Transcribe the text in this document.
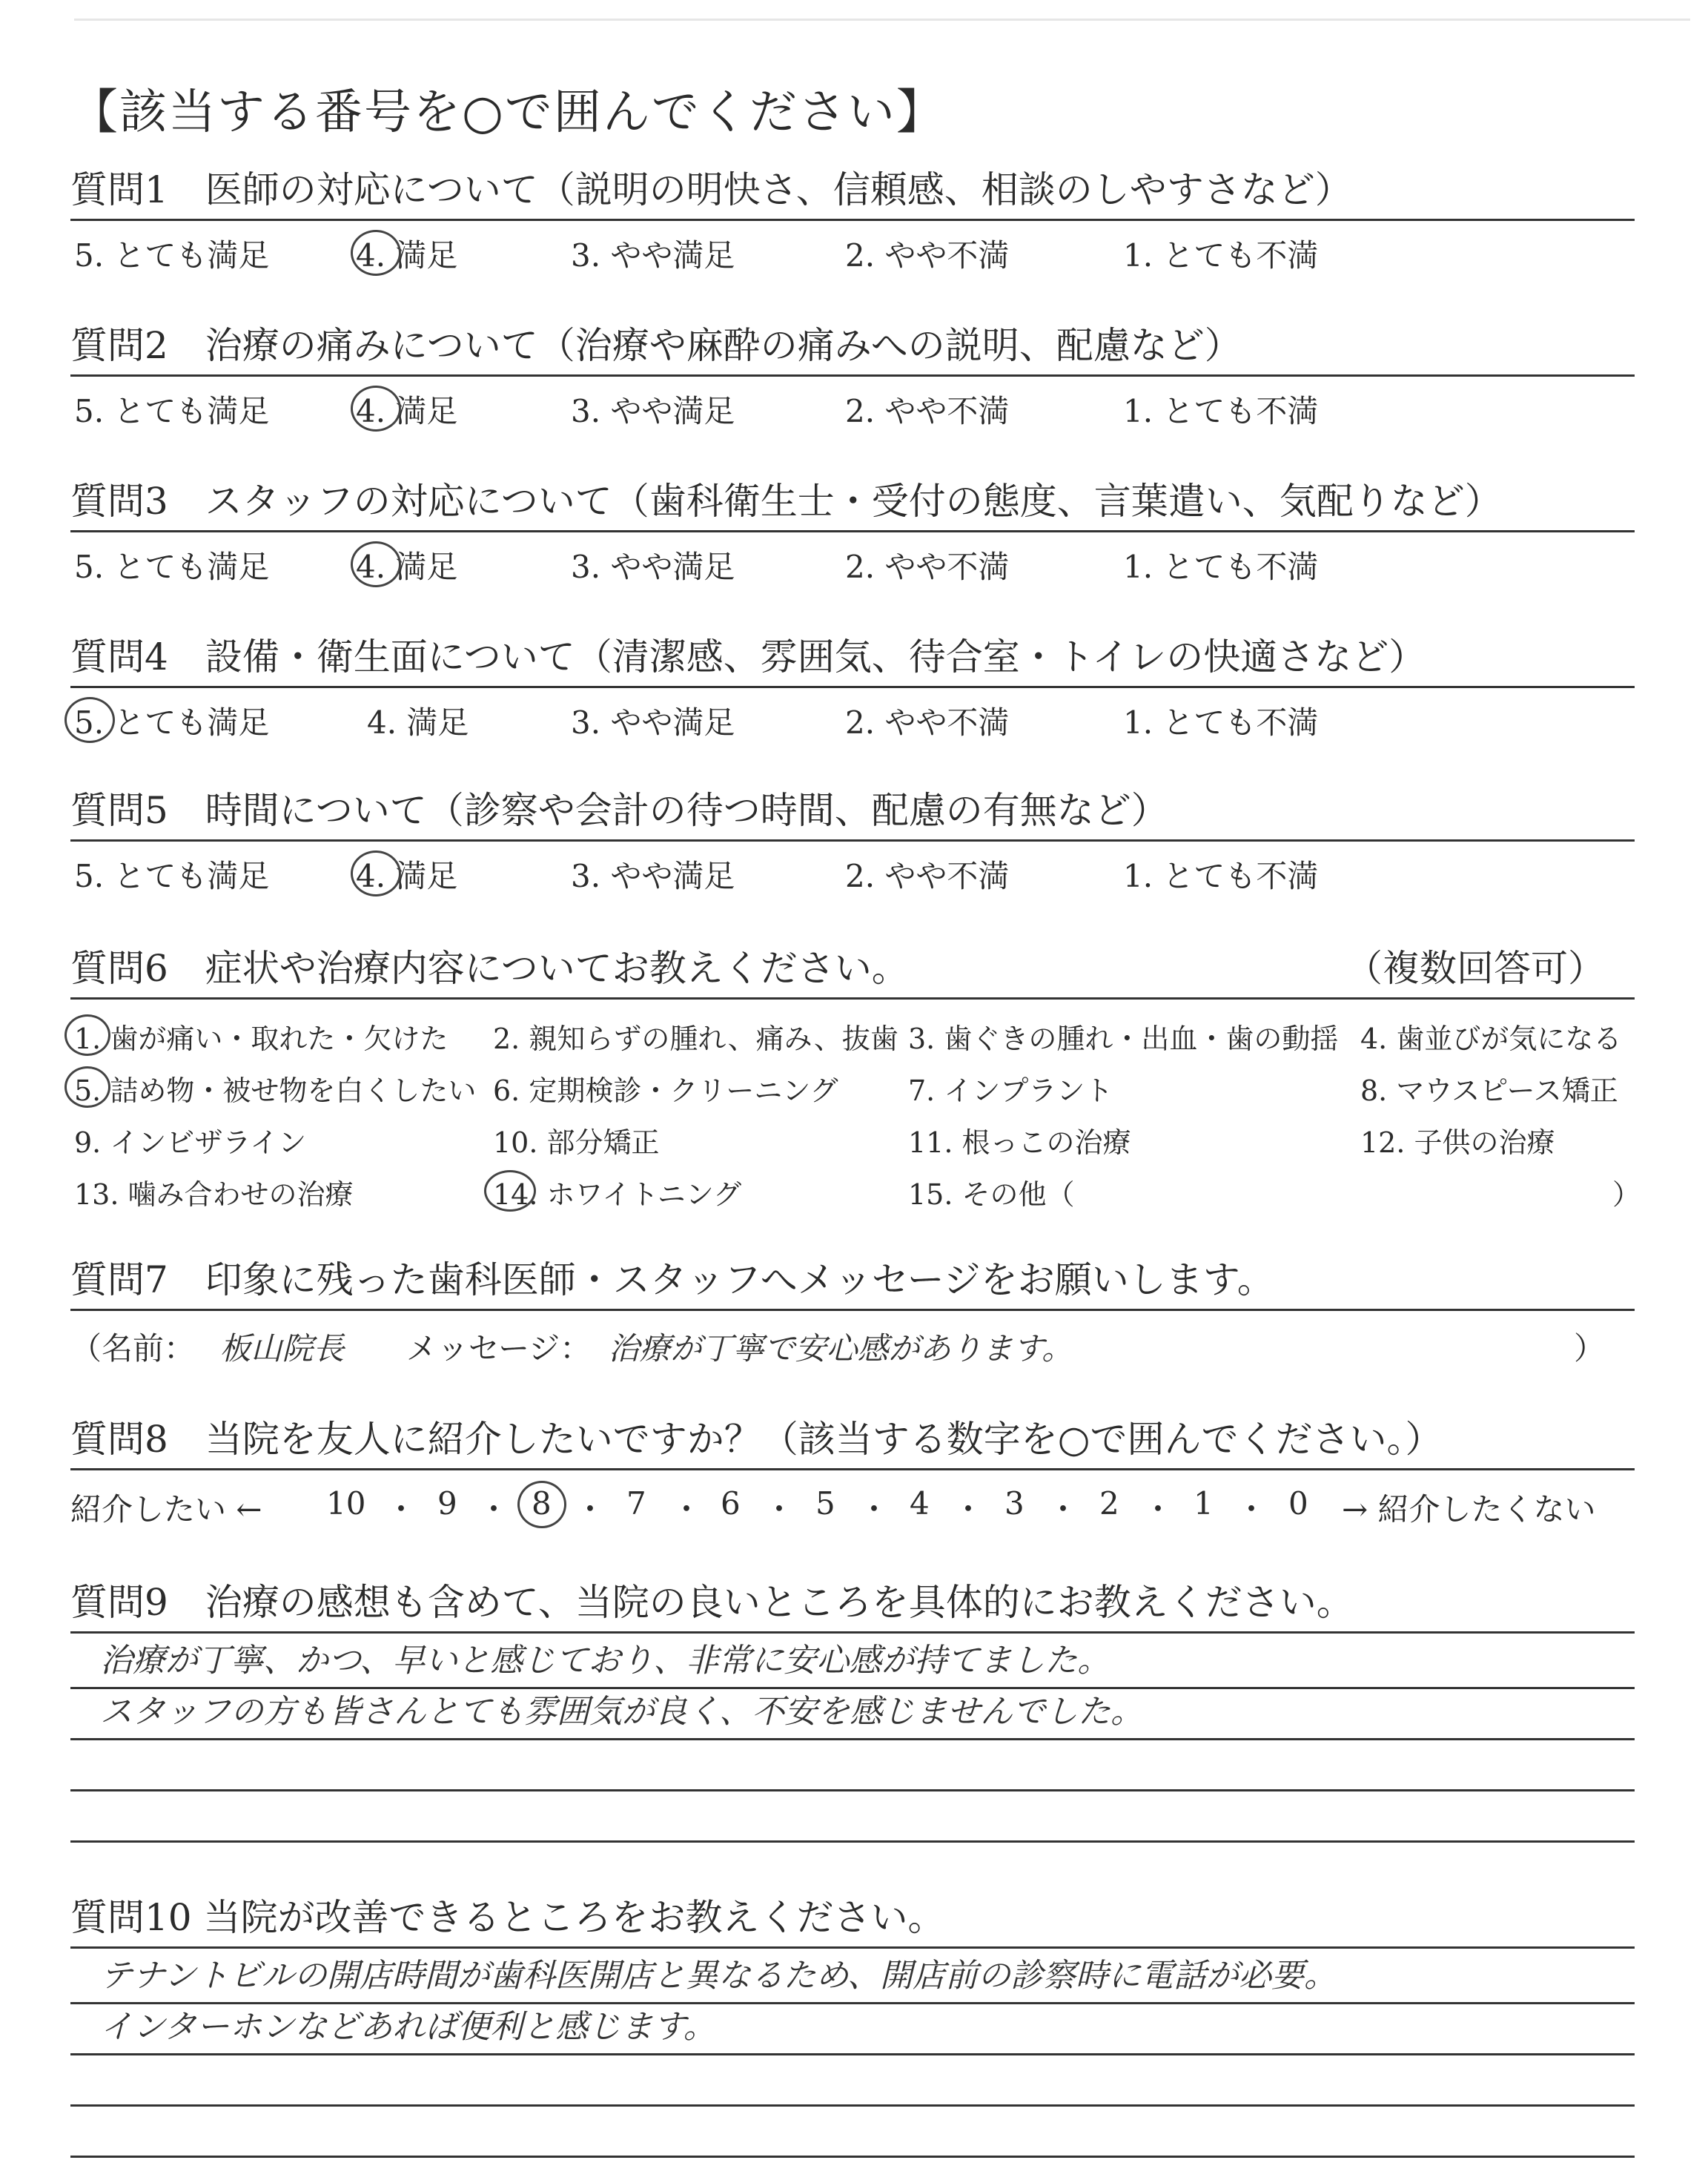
【該当する番号を○で囲んでください】
質問1　医師の対応について（説明の明快さ、信頼感、相談のしやすさなど）
5. とても満足	4. 満足	3. やや満足	2. やや不満	1. とても不満
質問2　治療の痛みについて（治療や麻酔の痛みへの説明、配慮など）
5. とても満足	4. 満足	3. やや満足	2. やや不満	1. とても不満
質問3　スタッフの対応について（歯科衛生士・受付の態度、言葉遣い、気配りなど）
5. とても満足	4. 満足	3. やや満足	2. やや不満	1. とても不満
質問4　設備・衛生面について（清潔感、雰囲気、待合室・トイレの快適さなど）
5. とても満足	4. 満足	3. やや満足	2. やや不満	1. とても不満
質問5　時間について（診察や会計の待つ時間、配慮の有無など）
5. とても満足	4. 満足	3. やや満足	2. やや不満	1. とても不満
質問6　症状や治療内容についてお教えください。	（複数回答可）
1. 歯が痛い・取れた・欠けた 2. 親知らずの腫れ、痛み、抜歯 3. 歯ぐきの腫れ・出血・歯の動揺 4. 歯並びが気になる
5. 詰め物・被せ物を白くしたい 6. 定期検診・クリーニング 7. インプラント	8. マウスピース矯正
9. インビザライン	10. 部分矯正	11. 根っこの治療	12. 子供の治療
13. 噛み合わせの治療	14. ホワイトニング	15. その他（	）
質問7　印象に残った歯科医師・スタッフへメッセージをお願いします。
（名前： 板山院長 メッセージ： 治療が丁寧で安心感があります。	）
質問8　当院を友人に紹介したいですか？（該当する数字を○で囲んでください。）
紹介したい ← 10 ・ 9 ・ 8 ・ 7 ・ 6 ・ 5 ・ 4 ・ 3 ・ 2 ・ 1 ・ 0 → 紹介したくない
質問9　治療の感想も含めて、当院の良いところを具体的にお教えください。
治療が丁寧、かつ、早いと感じており、非常に安心感が持てました。
スタッフの方も皆さんとても雰囲気が良く、不安を感じませんでした。
質問10 当院が改善できるところをお教えください。
テナントビルの開店時間が歯科医開店と異なるため、開店前の診察時に電話が必要。
インターホンなどあれば便利と感じます。
